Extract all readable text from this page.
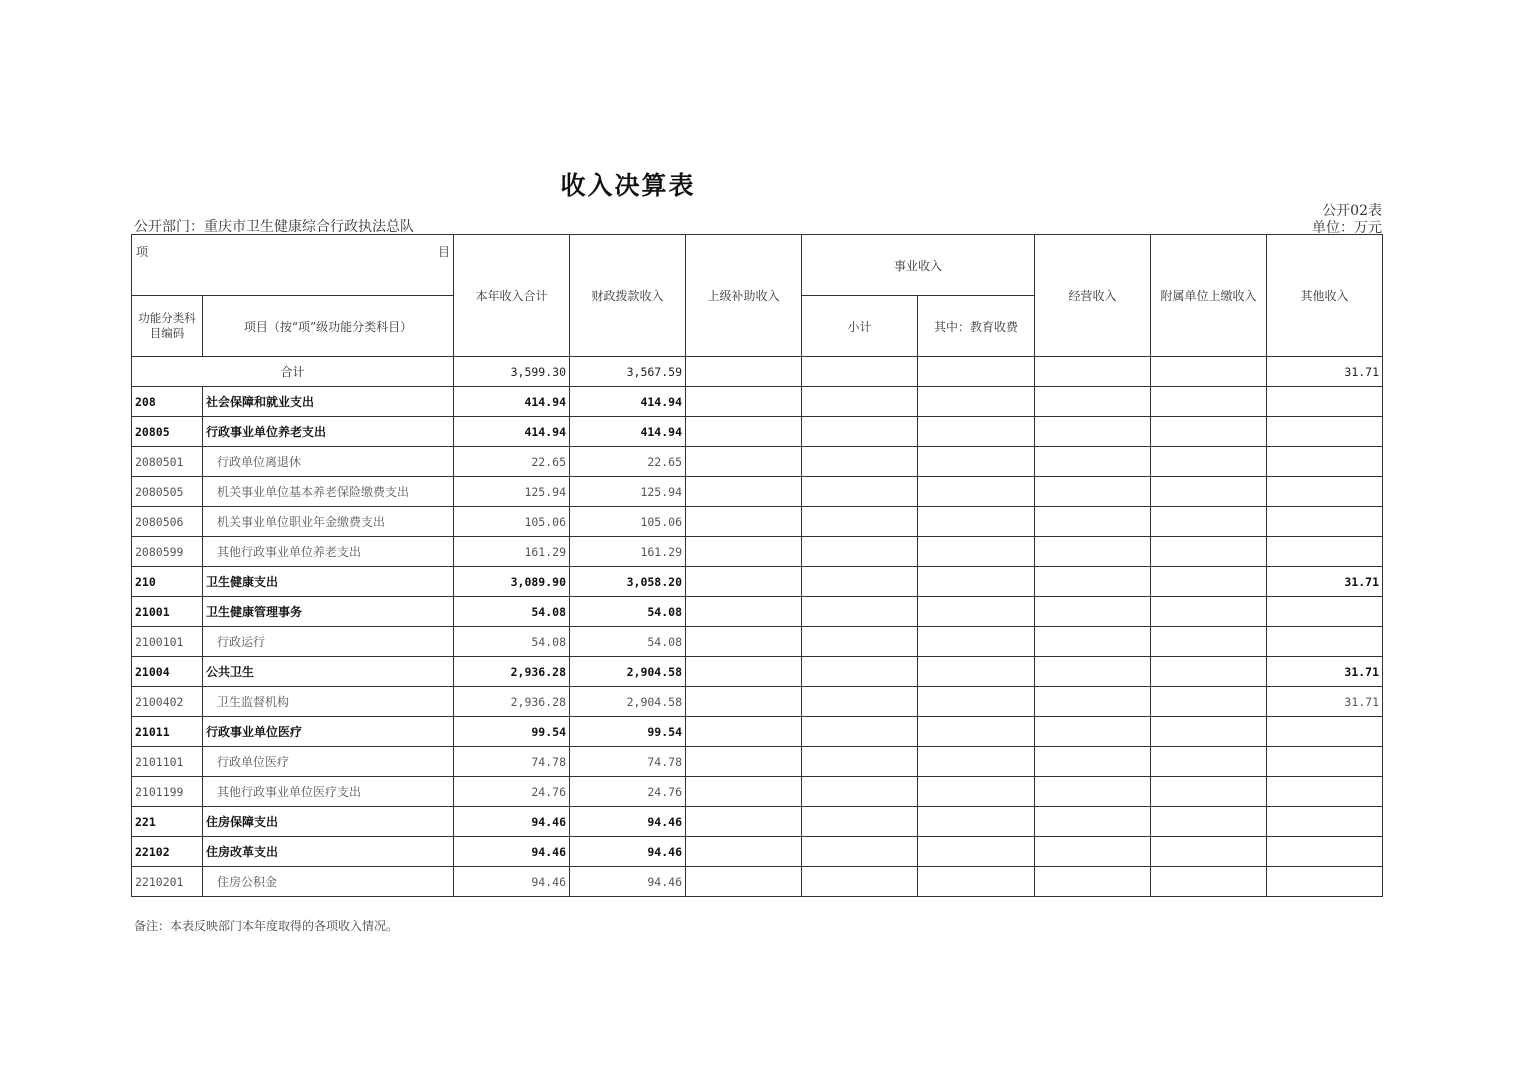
收入决算表
公开部门：重庆市卫生健康综合行政执法总队
公开02表
单位：万元
项 目		本年收入合计	财政拨款收入	上级补助收入	事业收入		经营收入	附属单位上缴收入	其他收入
功能分类科目编码	项目（按“项”级功能分类科目）				小计	其中：教育收费			

合计		3,599.30	3,567.59						31.71
208	社会保障和就业支出	414.94	414.94						
20805	行政事业单位养老支出	414.94	414.94						
2080501	行政单位离退休	22.65	22.65						
2080505	机关事业单位基本养老保险缴费支出	125.94	125.94						
2080506	机关事业单位职业年金缴费支出	105.06	105.06						
2080599	其他行政事业单位养老支出	161.29	161.29						
210	卫生健康支出	3,089.90	3,058.20						31.71
21001	卫生健康管理事务	54.08	54.08						
2100101	行政运行	54.08	54.08						
21004	公共卫生	2,936.28	2,904.58						31.71
2100402	卫生监督机构	2,936.28	2,904.58						31.71
21011	行政事业单位医疗	99.54	99.54						
2101101	行政单位医疗	74.78	74.78						
2101199	其他行政事业单位医疗支出	24.76	24.76						
221	住房保障支出	94.46	94.46						
22102	住房改革支出	94.46	94.46						
2210201	住房公积金	94.46	94.46						
备注：本表反映部门本年度取得的各项收入情况。
